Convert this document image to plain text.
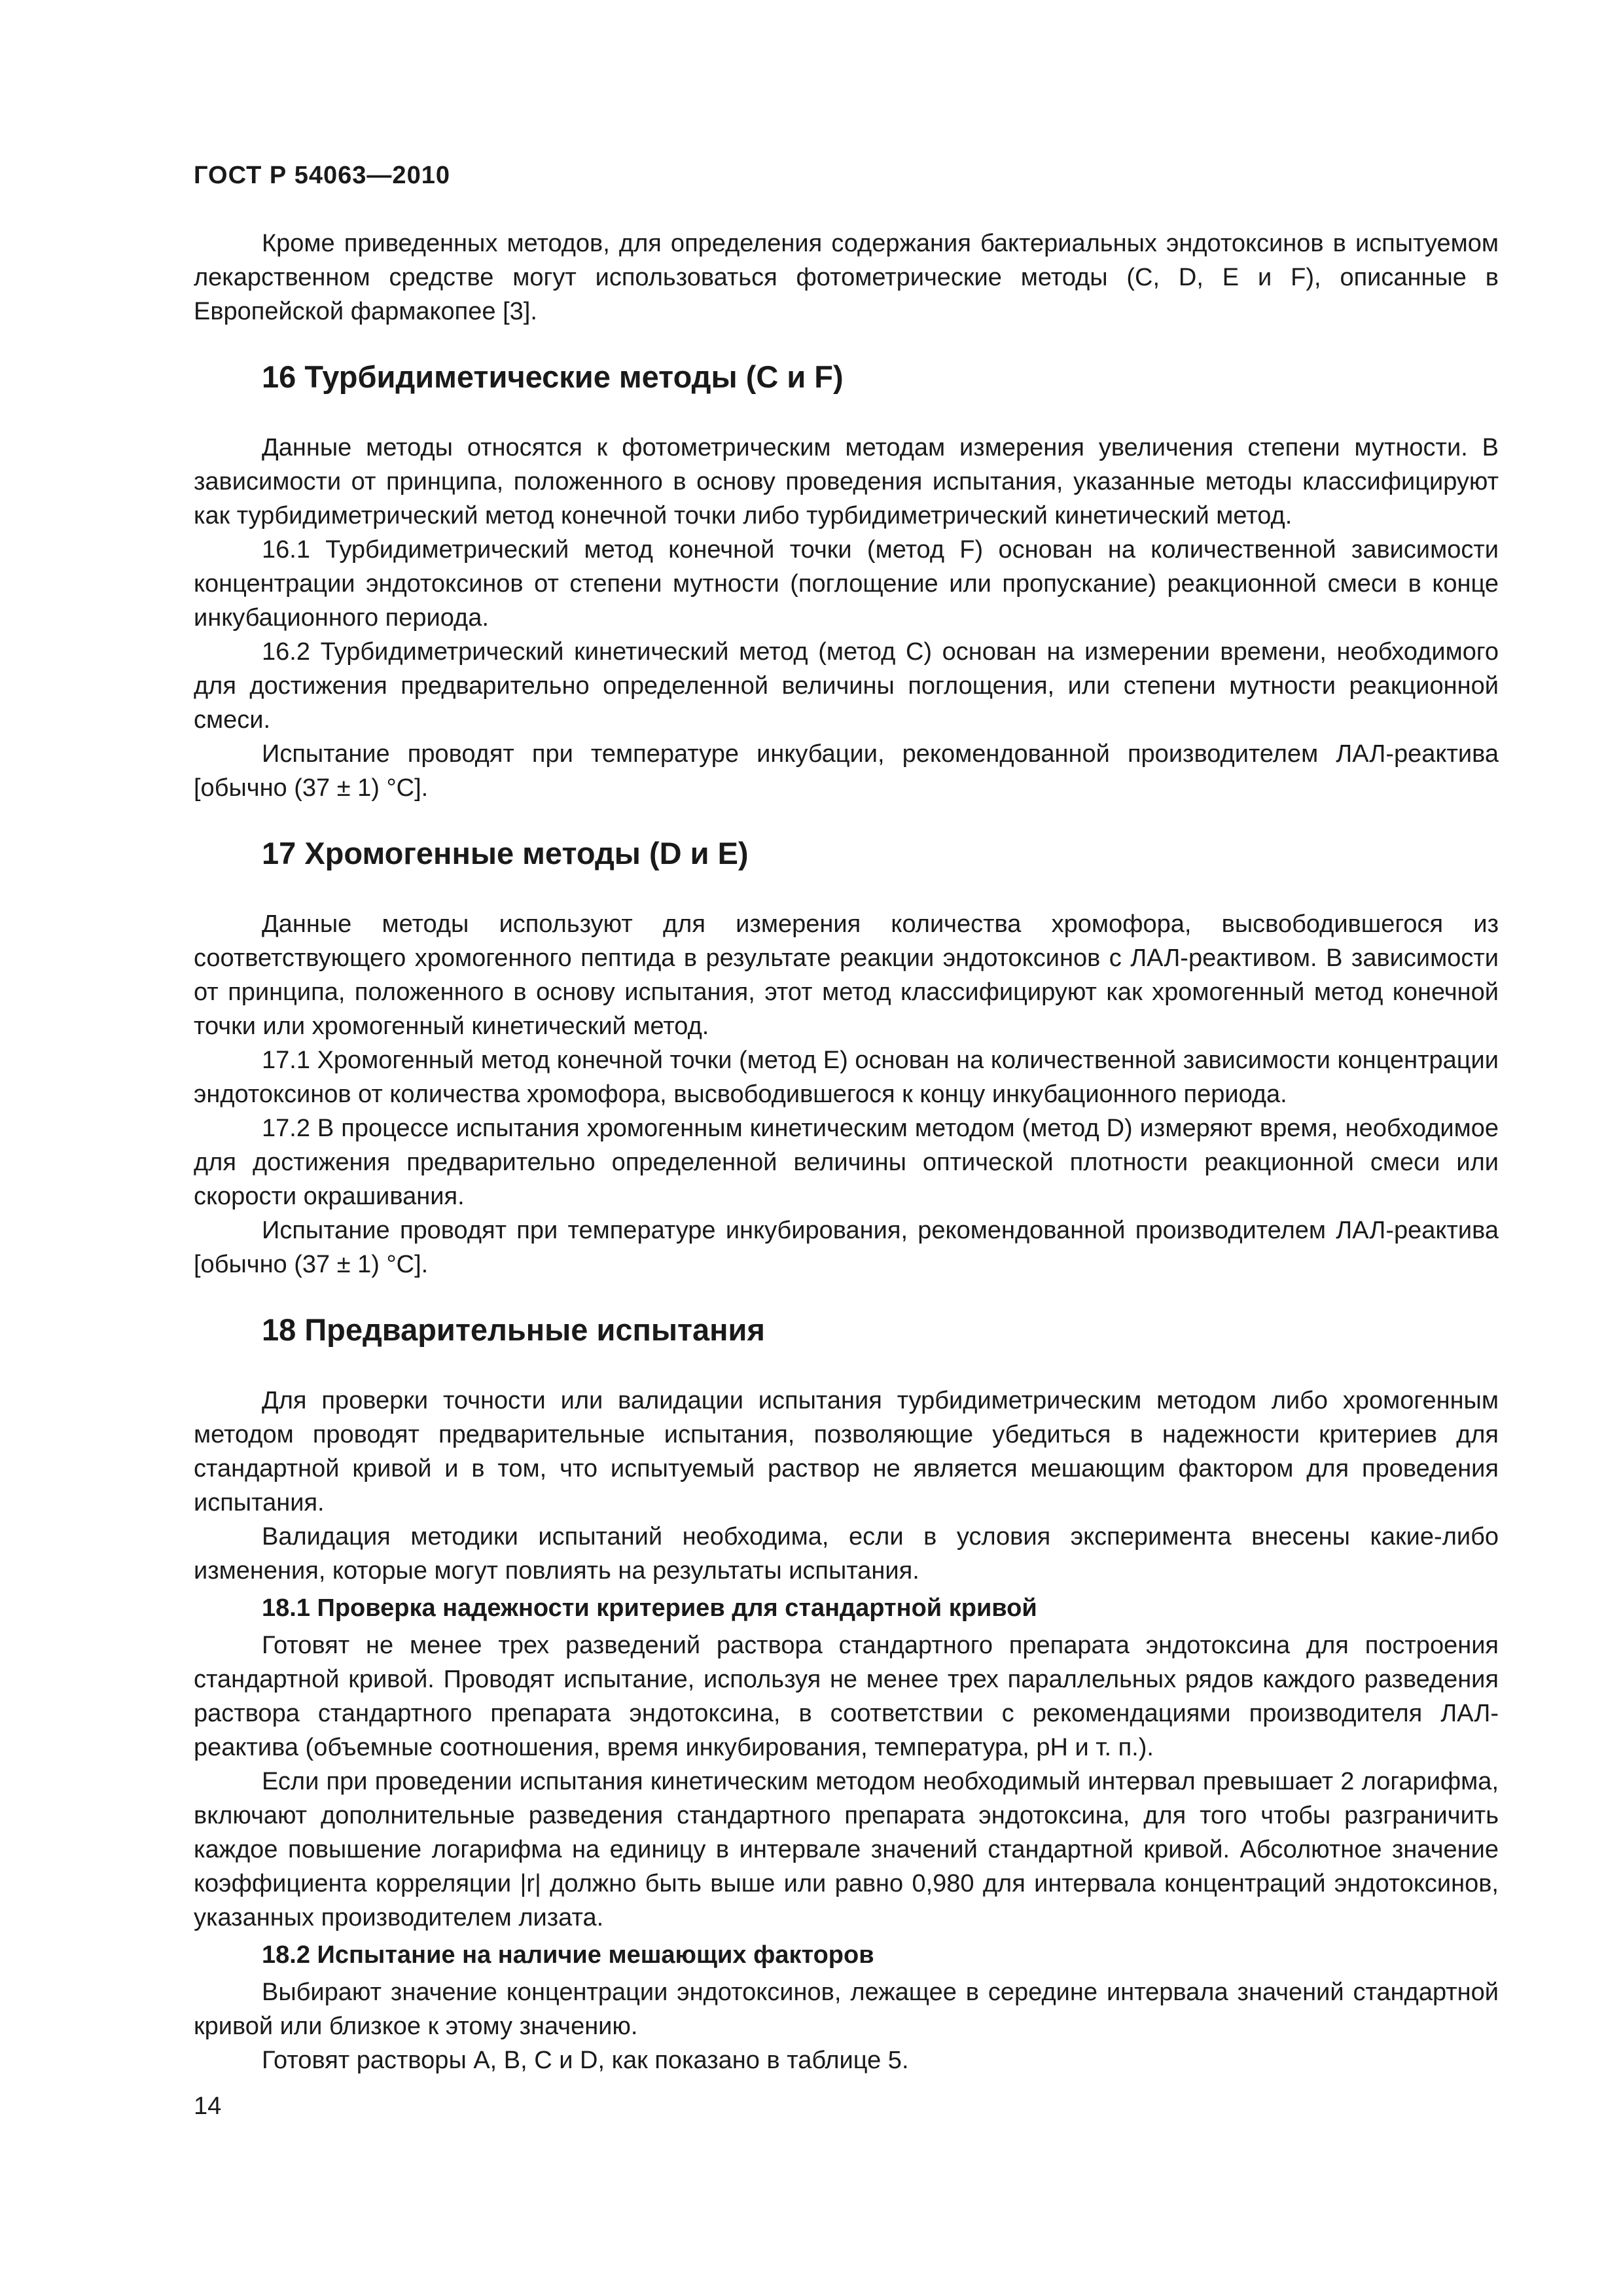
ГОСТ Р 54063—2010

Кроме приведенных методов, для определения содержания бактериальных эндотоксинов в испытуемом лекарственном средстве могут использоваться фотометрические методы (C, D, E и F), описанные в Европейской фармакопее [3].

16 Турбидиметические методы (C и F)

Данные методы относятся к фотометрическим методам измерения увеличения степени мутности. В зависимости от принципа, положенного в основу проведения испытания, указанные методы классифицируют как турбидиметрический метод конечной точки либо турбидиметрический кинетический метод.

16.1 Турбидиметрический метод конечной точки (метод F) основан на количественной зависимости концентрации эндотоксинов от степени мутности (поглощение или пропускание) реакционной смеси в конце инкубационного периода.

16.2 Турбидиметрический кинетический метод (метод C) основан на измерении времени, необходимого для достижения предварительно определенной величины поглощения, или степени мутности реакционной смеси.

Испытание проводят при температуре инкубации, рекомендованной производителем ЛАЛ-реактива [обычно (37 ± 1) °С].

17 Хромогенные методы (D и E)

Данные методы используют для измерения количества хромофора, высвободившегося из соответствующего хромогенного пептида в результате реакции эндотоксинов с ЛАЛ-реактивом. В зависимости от принципа, положенного в основу испытания, этот метод классифицируют как хромогенный метод конечной точки или хромогенный кинетический метод.

17.1 Хромогенный метод конечной точки (метод E) основан на количественной зависимости концентрации эндотоксинов от количества хромофора, высвободившегося к концу инкубационного периода.

17.2 В процессе испытания хромогенным кинетическим методом (метод D) измеряют время, необходимое для достижения предварительно определенной величины оптической плотности реакционной смеси или скорости окрашивания.

Испытание проводят при температуре инкубирования, рекомендованной производителем ЛАЛ-реактива [обычно (37 ± 1) °С].

18 Предварительные испытания

Для проверки точности или валидации испытания турбидиметрическим методом либо хромогенным методом проводят предварительные испытания, позволяющие убедиться в надежности критериев для стандартной кривой и в том, что испытуемый раствор не является мешающим фактором для проведения испытания.

Валидация методики испытаний необходима, если в условия эксперимента внесены какие-либо изменения, которые могут повлиять на результаты испытания.

18.1 Проверка надежности критериев для стандартной кривой

Готовят не менее трех разведений раствора стандартного препарата эндотоксина для построения стандартной кривой. Проводят испытание, используя не менее трех параллельных рядов каждого разведения раствора стандартного препарата эндотоксина, в соответствии с рекомендациями производителя ЛАЛ-реактива (объемные соотношения, время инкубирования, температура, рН и т. п.).

Если при проведении испытания кинетическим методом необходимый интервал превышает 2 логарифма, включают дополнительные разведения стандартного препарата эндотоксина, для того чтобы разграничить каждое повышение логарифма на единицу в интервале значений стандартной кривой. Абсолютное значение коэффициента корреляции |r| должно быть выше или равно 0,980 для интервала концентраций эндотоксинов, указанных производителем лизата.

18.2 Испытание на наличие мешающих факторов

Выбирают значение концентрации эндотоксинов, лежащее в середине интервала значений стандартной кривой или близкое к этому значению.

Готовят растворы A, B, C и D, как показано в таблице 5.

14
